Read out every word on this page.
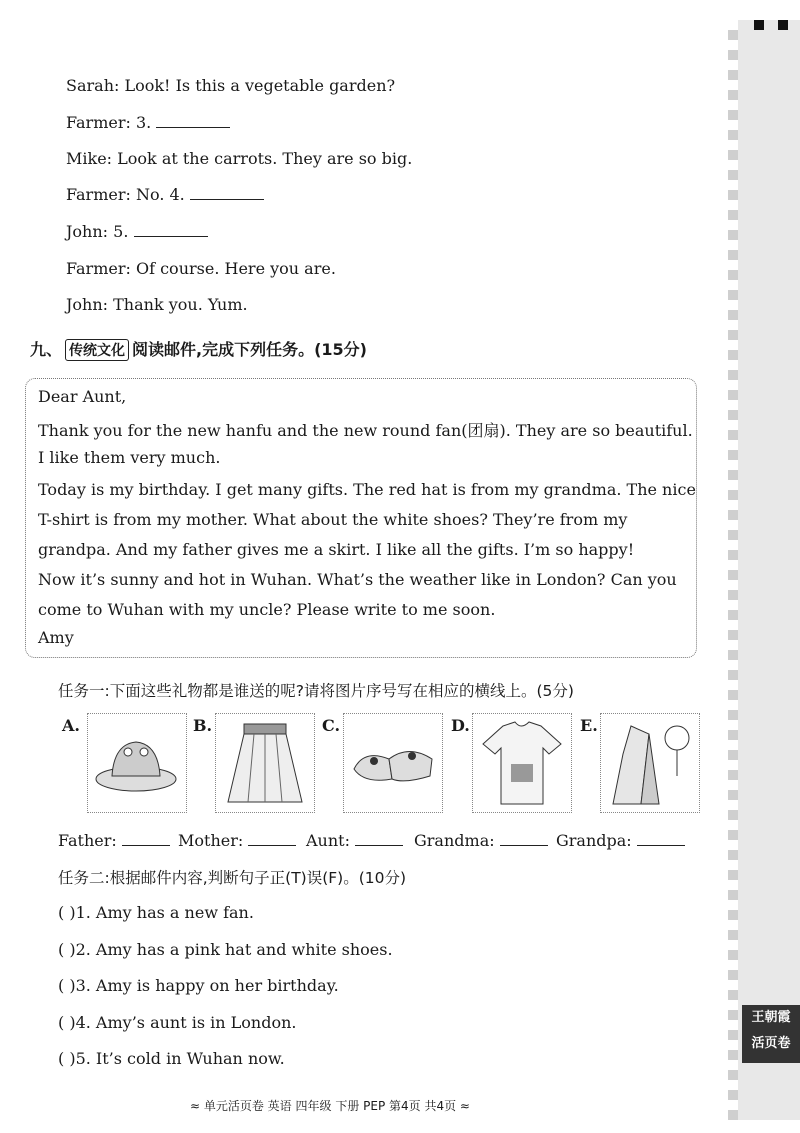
Sarah: Look! Is this a vegetable garden?
Farmer: 3.
Mike: Look at the carrots. They are so big.
Farmer: No. 4.
John: 5.
Farmer: Of course. Here you are.
John: Thank you. Yum.
九、 传统文化 阅读邮件,完成下列任务。(15分)
Dear Aunt,
Thank you for the new hanfu and the new round fan(团扇). They are so beautiful.
I like them very much.
Today is my birthday. I get many gifts. The red hat is from my grandma. The nice
T-shirt is from my mother. What about the white shoes? They’re from my
grandpa. And my father gives me a skirt. I like all the gifts. I’m so happy!
Now it’s sunny and hot in Wuhan. What’s the weather like in London? Can you
come to Wuhan with my uncle? Please write to me soon.
Amy
任务一:下面这些礼物都是谁送的呢?请将图片序号写在相应的横线上。(5分)
A.	B.	C.	D.	E.
Father:	Mother:	Aunt:	Grandma:	Grandpa:
任务二:根据邮件内容,判断句子正(T)误(F)。(10分)
( )1. Amy has a new fan.
( )2. Amy has a pink hat and white shoes.
( )3. Amy is happy on her birthday.
( )4. Amy’s aunt is in London.
( )5. It’s cold in Wuhan now.
王朝霞
活页卷
≈ 单元活页卷 英语 四年级 下册 PEP 第4页 共4页 ≈
